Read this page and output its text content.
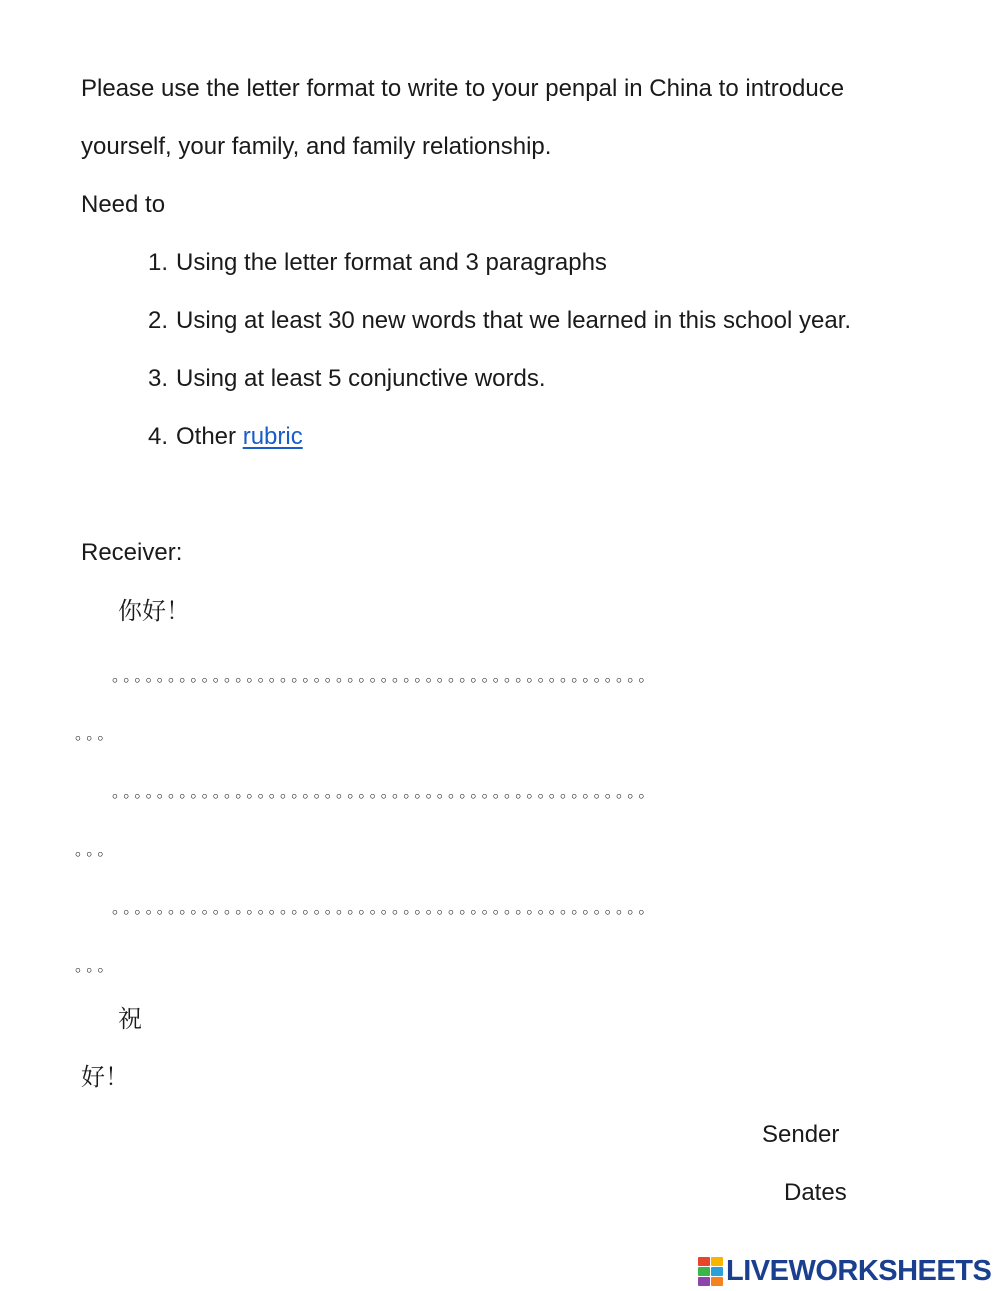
Please use the letter format to write to your penpal in China to introduce
yourself, your family, and family relationship.
Need to
1. Using the letter format and 3 paragraphs
2. Using at least 30 new words that we learned in this school year.
3. Using at least 5 conjunctive words.
4. Other rubric
Receiver:
你好！
。。。。。。。。。。。。。。。。。。。。。。。。。。。。。。。。。。。。。。。。。。。。。。。。
。。。
。。。。。。。。。。。。。。。。。。。。。。。。。。。。。。。。。。。。。。。。。。。。。。。。
。。。
。。。。。。。。。。。。。。。。。。。。。。。。。。。。。。。。。。。。。。。。。。。。。。。。
。。。
祝
好！
Sender
Dates
LIVEWORKSHEETS
